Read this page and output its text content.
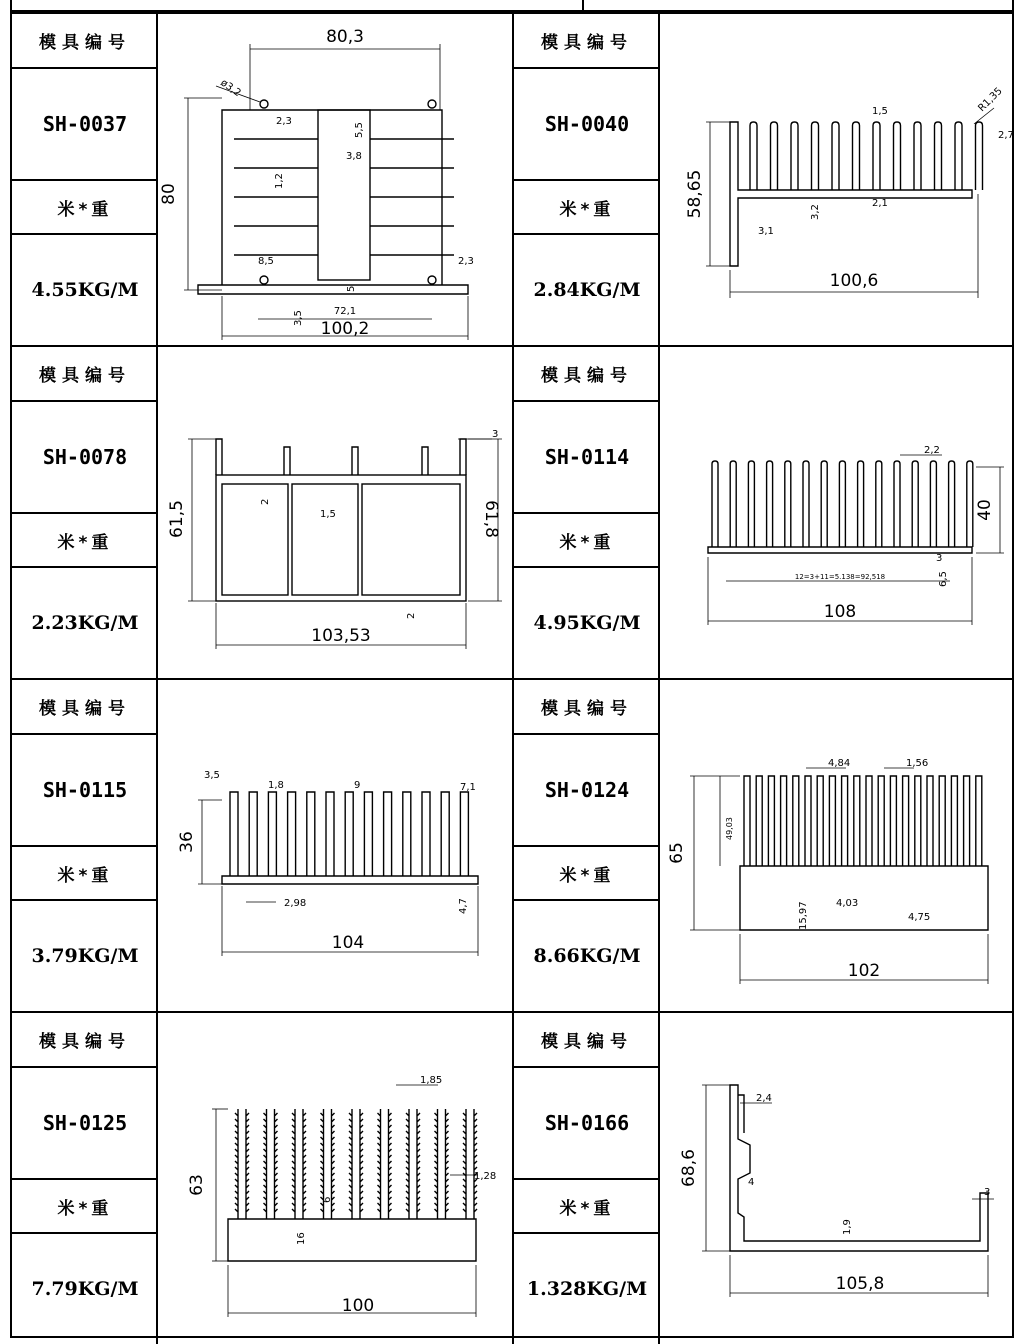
模具编号
SH-0037
米*重
4.55KG/M
80,3
100,2
80
ø3,2
2,3
5,5
3,8
1,2
8,5	2,3
5
3,5	72,1
模具编号
SH-0040
米*重
2.84KG/M	100,6
58,65
R1,35
1,5
2,7
3,2
2,1
3,1
模具编号
SH-0078
米*重
2.23KG/M
103,53
61,5	61,8
3
2
1,5
2
模具编号
SH-0114
米*重
4.95KG/M	108
40
2,2
3
12=3+11=5.138=92,518	6,5
模具编号
SH-0115
米*重
3.79KG/M
104
36
3,5
1,8	9	7,1
2,98	4,7
模具编号
SH-0124
米*重
8.66KG/M
102
65
4,84	1,56
49,03
15,97	4,03
4,75
模具编号
SH-0125
米*重
7.79KG/M
100
63
1,85
1,28
6
16
模具编号
SH-0166
米*重
1.328KG/M	105,8
68,6
2,4
4
3
1,9
